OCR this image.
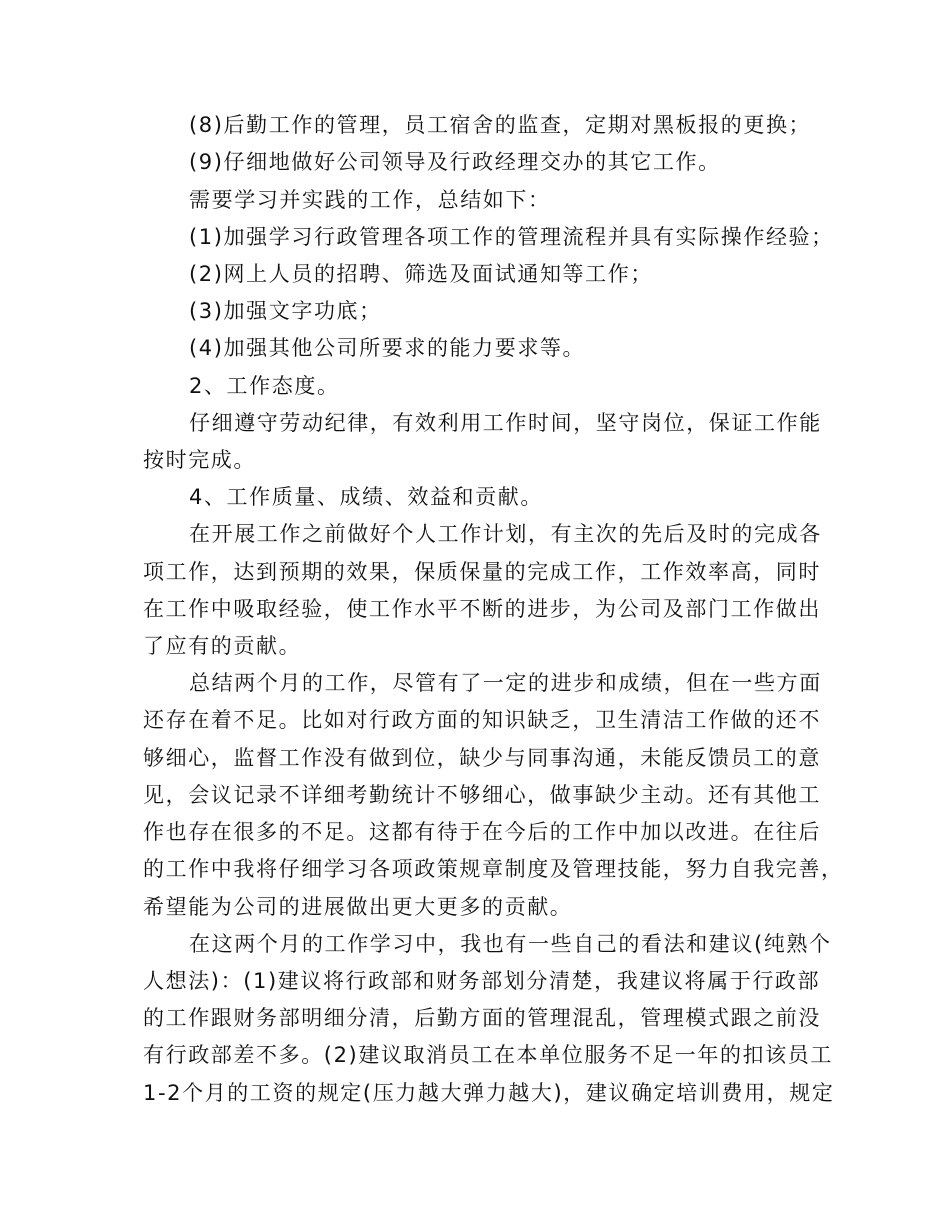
(8)后勤工作的管理，员工宿舍的监查，定期对黑板报的更换；
(9)仔细地做好公司领导及行政经理交办的其它工作。
需要学习并实践的工作，总结如下：
(1)加强学习行政管理各项工作的管理流程并具有实际操作经验；
(2)网上人员的招聘、筛选及面试通知等工作；
(3)加强文字功底；
(4)加强其他公司所要求的能力要求等。
2、工作态度。
仔细遵守劳动纪律，有效利用工作时间，坚守岗位，保证工作能
按时完成。
4、工作质量、成绩、效益和贡献。
在开展工作之前做好个人工作计划，有主次的先后及时的完成各
项工作，达到预期的效果，保质保量的完成工作，工作效率高，同时
在工作中吸取经验，使工作水平不断的进步，为公司及部门工作做出
了应有的贡献。
总结两个月的工作，尽管有了一定的进步和成绩，但在一些方面
还存在着不足。比如对行政方面的知识缺乏，卫生清洁工作做的还不
够细心，监督工作没有做到位，缺少与同事沟通，未能反馈员工的意
见，会议记录不详细考勤统计不够细心，做事缺少主动。还有其他工
作也存在很多的不足。这都有待于在今后的工作中加以改进。在往后
的工作中我将仔细学习各项政策规章制度及管理技能，努力自我完善，
希望能为公司的进展做出更大更多的贡献。
在这两个月的工作学习中，我也有一些自己的看法和建议(纯熟个
人想法)：(1)建议将行政部和财务部划分清楚，我建议将属于行政部
的工作跟财务部明细分清，后勤方面的管理混乱，管理模式跟之前没
有行政部差不多。(2)建议取消员工在本单位服务不足一年的扣该员工
1-2个月的工资的规定(压力越大弹力越大)，建议确定培训费用，规定
